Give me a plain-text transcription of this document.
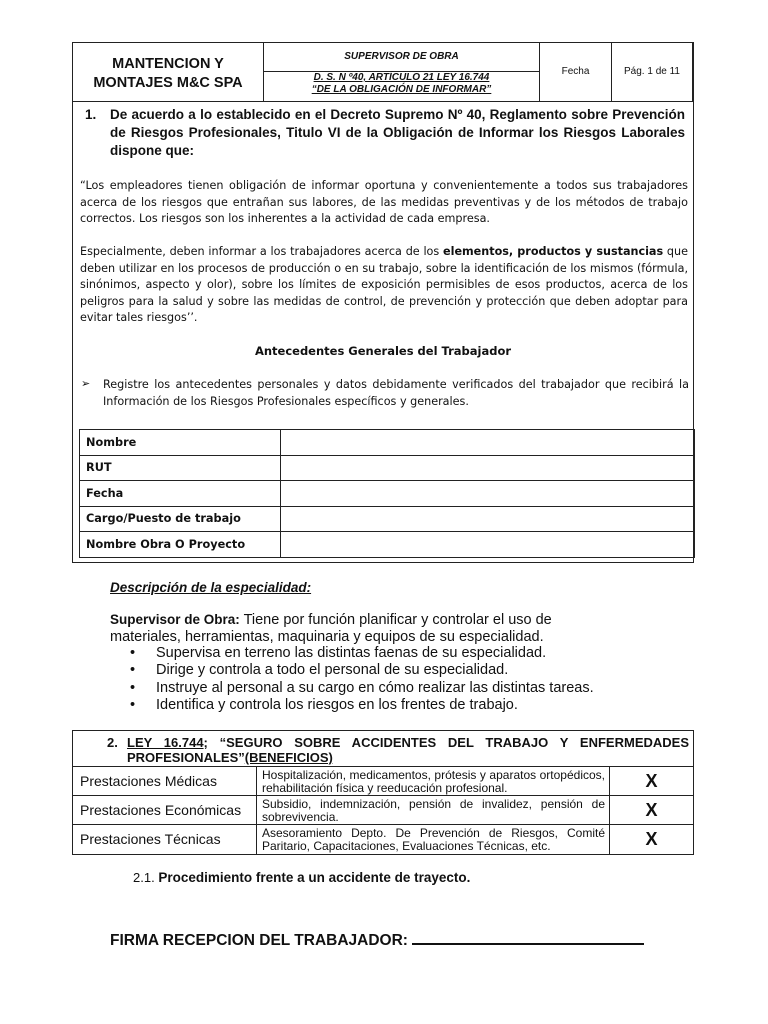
MANTENCION Y MONTAJES M&C SPA
SUPERVISOR DE OBRA
D. S. N º40, ARTÍCULO 21 LEY 16.744
“DE LA OBLIGACIÓN DE INFORMAR”
Fecha	Pág. 1 de 11
1. De acuerdo a lo establecido en el Decreto Supremo Nº 40, Reglamento sobre Prevención de Riesgos Profesionales, Titulo VI de la Obligación de Informar los Riesgos Laborales dispone que:
“Los empleadores tienen obligación de informar oportuna y convenientemente a todos sus trabajadores acerca de los riesgos que entrañan sus labores, de las medidas preventivas y de los métodos de trabajo correctos. Los riesgos son los inherentes a la actividad de cada empresa.
Especialmente, deben informar a los trabajadores acerca de los elementos, productos y sustancias que deben utilizar en los procesos de producción o en su trabajo, sobre la identificación de los mismos (fórmula, sinónimos, aspecto y olor), sobre los límites de exposición permisibles de esos productos, acerca de los peligros para la salud y sobre las medidas de control, de prevención y protección que deben adoptar para evitar tales riesgos’’.
Antecedentes Generales del Trabajador
➢ Registre los antecedentes personales y datos debidamente verificados del trabajador que recibirá la Información de los Riesgos Profesionales específicos y generales.
Nombre	
RUT	
Fecha	
Cargo/Puesto de trabajo	
Nombre Obra O Proyecto	
Descripción de la especialidad:
Supervisor de Obra: Tiene por función planificar y controlar el uso de materiales, herramientas, maquinaria y equipos de su especialidad.
• Supervisa en terreno las distintas faenas de su especialidad.
• Dirige y controla a todo el personal de su especialidad.
• Instruye al personal a su cargo en cómo realizar las distintas tareas.
• Identifica y controla los riesgos en los frentes de trabajo.
2. LEY 16.744; “SEGURO SOBRE ACCIDENTES DEL TRABAJO Y ENFERMEDADES PROFESIONALES”(BENEFICIOS)
Prestaciones Médicas	Hospitalización, medicamentos, prótesis y aparatos ortopédicos, rehabilitación física y reeducación profesional.	X
Prestaciones Económicas	Subsidio, indemnización, pensión de invalidez, pensión de sobrevivencia.	X
Prestaciones Técnicas	Asesoramiento Depto. De Prevención de Riesgos, Comité Paritario, Capacitaciones, Evaluaciones Técnicas, etc.	X
2.1. Procedimiento frente a un accidente de trayecto.
FIRMA RECEPCION DEL TRABAJADOR:
